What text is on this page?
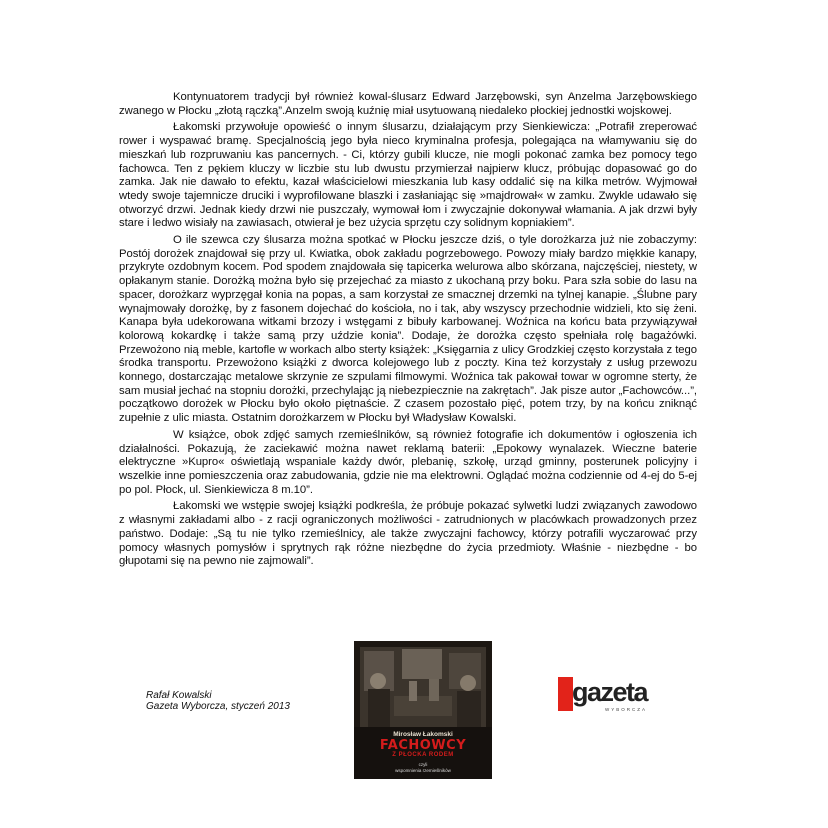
Kontynuatorem tradycji był również kowal-ślusarz Edward Jarzębowski, syn Anzelma Jarzębowskiego zwanego w Płocku „złotą rączką”.Anzelm swoją kuźnię miał usytuowaną niedaleko płockiej jednostki wojskowej.

Łakomski przywołuje opowieść o innym ślusarzu, działającym przy Sienkiewicza: „Potrafił zreperować rower i wyspawać bramę. Specjalnością jego była nieco kryminalna profesja, polegająca na włamywaniu się do mieszkań lub rozpruwaniu kas pancernych. - Ci, którzy gubili klucze, nie mogli pokonać zamka bez pomocy tego fachowca. Ten z pękiem kluczy w liczbie stu lub dwustu przymierzał najpierw klucz, próbując dopasować go do zamka. Jak nie dawało to efektu, kazał właścicielowi mieszkania lub kasy oddalić się na kilka metrów. Wyjmował wtedy swoje tajemnicze druciki i wyprofilowane blaszki i zasłaniając się »majdrował« w zamku. Zwykle udawało się otworzyć drzwi. Jednak kiedy drzwi nie puszczały, wymował łom i zwyczajnie dokonywał włamania. A jak drzwi były stare i ledwo wisiały na zawiasach, otwierał je bez użycia sprzętu czy solidnym kopniakiem”.

O ile szewca czy ślusarza można spotkać w Płocku jeszcze dziś, o tyle dorożkarza już nie zobaczymy: Postój dorożek znajdował się przy ul. Kwiatka, obok zakładu pogrzebowego. Powozy miały bardzo miękkie kanapy, przykryte ozdobnym kocem. Pod spodem znajdowała się tapicerka welurowa albo skórzana, najczęściej, niestety, w opłakanym stanie. Dorożką można było się przejechać za miasto z ukochaną przy boku. Para szła sobie do lasu na spacer, dorożkarz wyprzęgał konia na popas, a sam korzystał ze smacznej drzemki na tylnej kanapie. „Ślubne pary wynajmowały dorożkę, by z fasonem dojechać do kościoła, no i tak, aby wszyscy przechodnie widzieli, kto się żeni. Kanapa była udekorowana witkami brzozy i wstęgami z bibuły karbowanej. Woźnica na końcu bata przywiązywał kolorową kokardkę i także samą przy uździe konia”. Dodaje, że dorożka często spełniała rolę bagażówki. Przewożono nią meble, kartofle w workach albo sterty książek: „Księgarnia z ulicy Grodzkiej często korzystała z tego środka transportu. Przewożono książki z dworca kolejowego lub z poczty. Kina też korzystały z usług przewozu konnego, dostarczając metalowe skrzynie ze szpulami filmowymi. Woźnica tak pakował towar w ogromne sterty, że sam musiał jechać na stopniu dorożki, przechylając ją niebezpiecznie na zakrętach”. Jak pisze autor „Fachowców...”, początkowo dorożek w Płocku było około piętnaście. Z czasem pozostało pięć, potem trzy, by na końcu zniknąć zupełnie z ulic miasta. Ostatnim dorożkarzem w Płocku był Władysław Kowalski.

W książce, obok zdjęć samych rzemieślników, są również fotografie ich dokumentów i ogłoszenia ich działalności. Pokazują, że zaciekawić można nawet reklamą baterii: „Epokowy wynalazek. Wieczne baterie elektryczne »Kupro« oświetlają wspaniale każdy dwór, plebanię, szkołę, urząd gminny, posterunek policyjny i wszelkie inne pomieszczenia oraz zabudowania, gdzie nie ma elektrowni. Oglądać można codziennie od 4-ej do 5-ej po pol. Płock, ul. Sienkiewicza 8 m.10”.

Łakomski we wstępie swojej książki podkreśla, że próbuje pokazać sylwetki ludzi związanych zawodowo z własnymi zakładami albo - z racji ograniczonych możliwości - zatrudnionych w placówkach prowadzonych przez państwo. Dodaje: „Są tu nie tylko rzemieślnicy, ale także zwyczajni fachowcy, którzy potrafili wyczarować przy pomocy własnych pomysłów i sprytnych rąk różne niezbędne do życia przedmioty. Właśnie - niezbędne - bo głupotami się na pewno nie zajmowali”.

Rafał Kowalski
Gazeta Wyborcza, styczeń 2013
Mirosław Łakomski
FACHOWCY
Z PŁOCKA RODEM
czyli
wspomnienia rzemieślników
gazeta
WYBORCZA
